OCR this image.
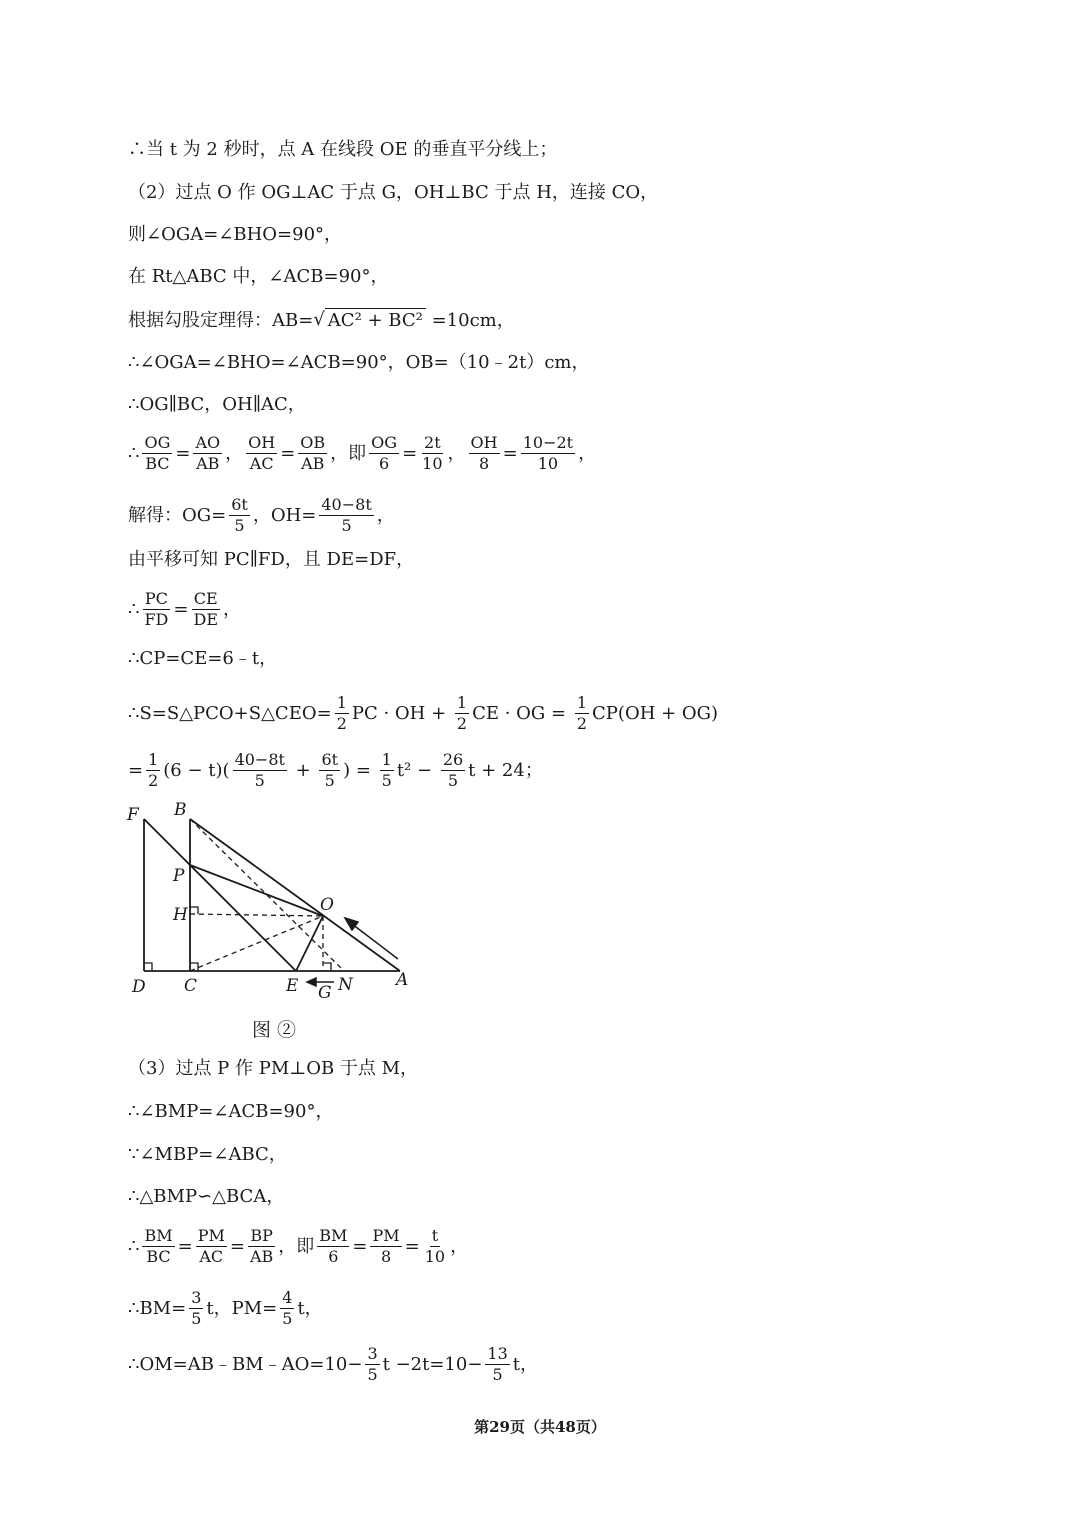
∴当 t 为 2 秒时，点 A 在线段 OE 的垂直平分线上；
（2）过点 O 作 OG⊥AC 于点 G，OH⊥BC 于点 H，连接 CO，
则∠OGA=∠BHO=90°，
在 Rt△ABC 中，∠ACB=90°，
根据勾股定理得：AB= √ AC² + BC² =10cm，
∴∠OGA=∠BHO=∠ACB=90°，OB=（10﹣2t）cm，
∴OG∥BC，OH∥AC，
∴ $\frac{OG}{BC} = \frac{AO}{AB}$ ， $\frac{OH}{AC} = \frac{OB}{AB}$ ，即 $\frac{OG}{6} = \frac{2t}{10}$ ， $\frac{OH}{8} = \frac{10-2t}{10}$ ，
解得：$OG= \frac{6t}{5}$ ，$OH= \frac{40-8t}{5}$ ，
由平移可知 PC∥FD，且 DE=DF，
∴ $\frac{PC}{FD} = \frac{CE}{DE}$ ，
∴CP=CE=6﹣t，
∴S=S△PCO+S△CEO= $\frac{1}{2}$ PC · OH + $\frac{1}{2}$ CE · OG = $\frac{1}{2} CP(OH + OG)$
= $\frac{1}{2} (6 - t)( \frac{40-8t}{5} + \frac{6t}{5}$ ) = $\frac{1}{5} t^2 - \frac{26}{5}$ t + 24；
F B
P
H	O
D C	E G N	A
图 ②
（3）过点 P 作 PM⊥OB 于点 M，
∴∠BMP=∠ACB=90°，
∵∠MBP=∠ABC，
∴△BMP∽△BCA，
∴ $\frac{BM}{BC} = \frac{PM}{AC} = \frac{BP}{AB}$ ，即 $\frac{BM}{6} = \frac{PM}{8} = \frac{t}{10}$ ，
∴BM= $\frac{3}{5}$ t，$PM= \frac{4}{5}$ t，
∴OM=AB﹣BM﹣AO=10− $\frac{3}{5}$ $t -2t=10- \frac{13}{5}$ t，
第29页（共48页）
